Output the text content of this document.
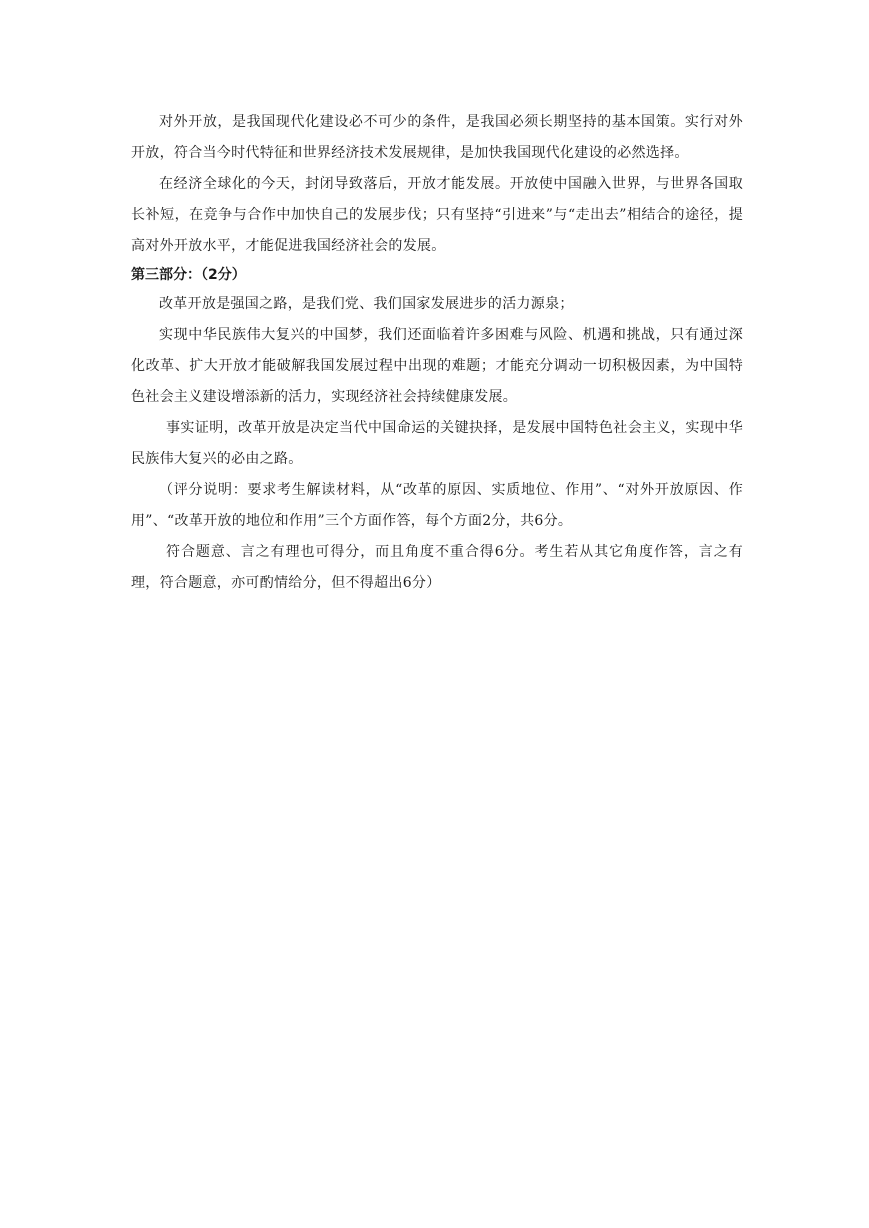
对外开放，是我国现代化建设必不可少的条件，是我国必须长期坚持的基本国策。实行对外开放，符合当今时代特征和世界经济技术发展规律，是加快我国现代化建设的必然选择。

在经济全球化的今天，封闭导致落后，开放才能发展。开放使中国融入世界，与世界各国取长补短，在竞争与合作中加快自己的发展步伐；只有坚持“引进来”与“走出去”相结合的途径，提高对外开放水平，才能促进我国经济社会的发展。

第三部分：（2分）

改革开放是强国之路，是我们党、我们国家发展进步的活力源泉；

实现中华民族伟大复兴的中国梦，我们还面临着许多困难与风险、机遇和挑战，只有通过深化改革、扩大开放才能破解我国发展过程中出现的难题；才能充分调动一切积极因素，为中国特色社会主义建设增添新的活力，实现经济社会持续健康发展。

事实证明，改革开放是决定当代中国命运的关键抉择，是发展中国特色社会主义，实现中华民族伟大复兴的必由之路。

（评分说明：要求考生解读材料，从“改革的原因、实质地位、作用”、“对外开放原因、作用”、“改革开放的地位和作用”三个方面作答，每个方面2分，共6分。

符合题意、言之有理也可得分，而且角度不重合得6分。考生若从其它角度作答，言之有理，符合题意，亦可酌情给分，但不得超出6分）
